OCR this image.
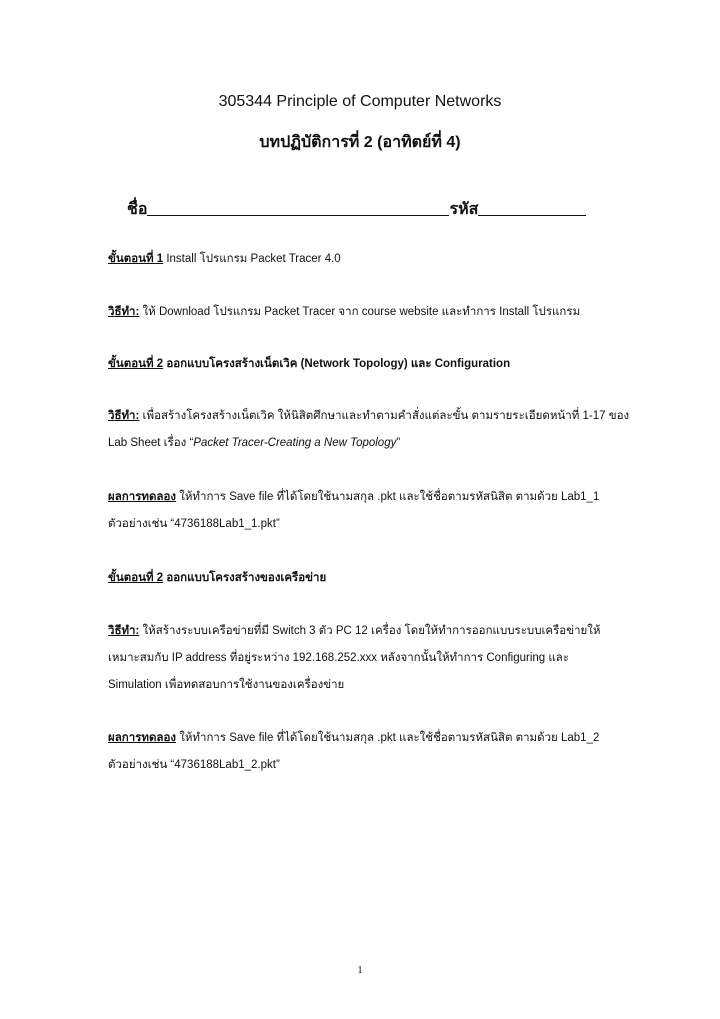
305344 Principle of Computer Networks
บทปฏิบัติการที่ 2 (อาทิตย์ที่ 4)
ชื่อ	รหัส
ขั้นตอนที่ 1 Install โปรแกรม Packet Tracer 4.0
วิธีทำ: ให้ Download โปรแกรม Packet Tracer จาก course website และทำการ Install โปรแกรม
ขั้นตอนที่ 2 ออกแบบโครงสร้างเน็ตเวิค (Network Topology) และ Configuration
วิธีทำ: เพื่อสร้างโครงสร้างเน็ตเวิค ให้นิสิตศึกษาและทำตามคำสั่งแต่ละขั้น ตามรายระเอียดหน้าที่ 1-17 ของ
Lab Sheet เรื่อง “Packet Tracer-Creating a New Topology”
ผลการทดลอง ให้ทำการ Save file ที่ได้โดยใช้นามสกุล .pkt และใช้ชื่อตามรหัสนิสิต ตามด้วย Lab1_1
ตัวอย่างเช่น “4736188Lab1_1.pkt”
ขั้นตอนที่ 2 ออกแบบโครงสร้างของเครือข่าย
วิธีทำ: ให้สร้างระบบเครือข่ายที่มี Switch 3 ตัว PC 12 เครื่อง โดยให้ทำการออกแบบระบบเครือข่ายให้
เหมาะสมกับ IP address ที่อยู่ระหว่าง 192.168.252.xxx หลังจากนั้นให้ทำการ Configuring และ
Simulation เพื่อทดสอบการใช้งานของเครื่องข่าย
ผลการทดลอง ให้ทำการ Save file ที่ได้โดยใช้นามสกุล .pkt และใช้ชื่อตามรหัสนิสิต ตามด้วย Lab1_2
ตัวอย่างเช่น “4736188Lab1_2.pkt”
1
